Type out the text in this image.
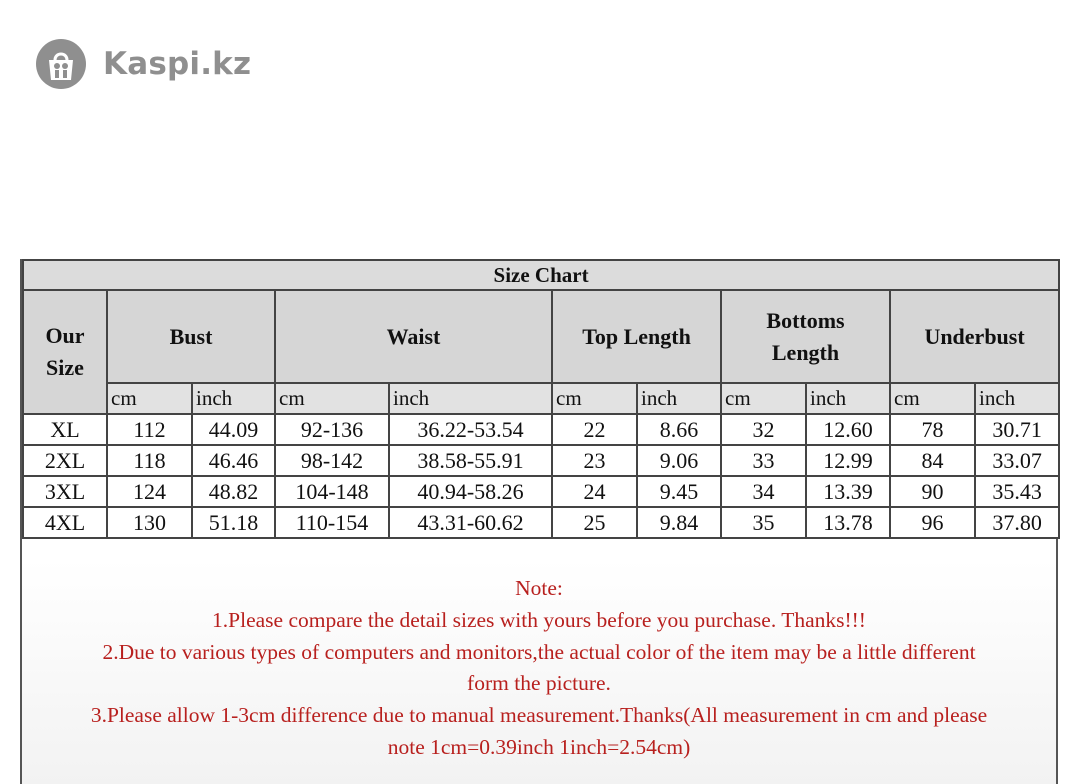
Kaspi.kz
Size Chart										
Our Size	Bust		Waist		Top Length		Bottoms Length		Underbust	
	cm	inch	cm	inch	cm	inch	cm	inch	cm	inch
XL	112	44.09	92-136	36.22-53.54	22	8.66	32	12.60	78	30.71
2XL	118	46.46	98-142	38.58-55.91	23	9.06	33	12.99	84	33.07
3XL	124	48.82	104-148	40.94-58.26	24	9.45	34	13.39	90	35.43
4XL	130	51.18	110-154	43.31-60.62	25	9.84	35	13.78	96	37.80
Note:
1.Please compare the detail sizes with yours before you purchase. Thanks!!!
2.Due to various types of computers and monitors,the actual color of the item may be a little different
form the picture.
3.Please allow 1-3cm difference due to manual measurement.Thanks(All measurement in cm and please
note 1cm=0.39inch 1inch=2.54cm)
